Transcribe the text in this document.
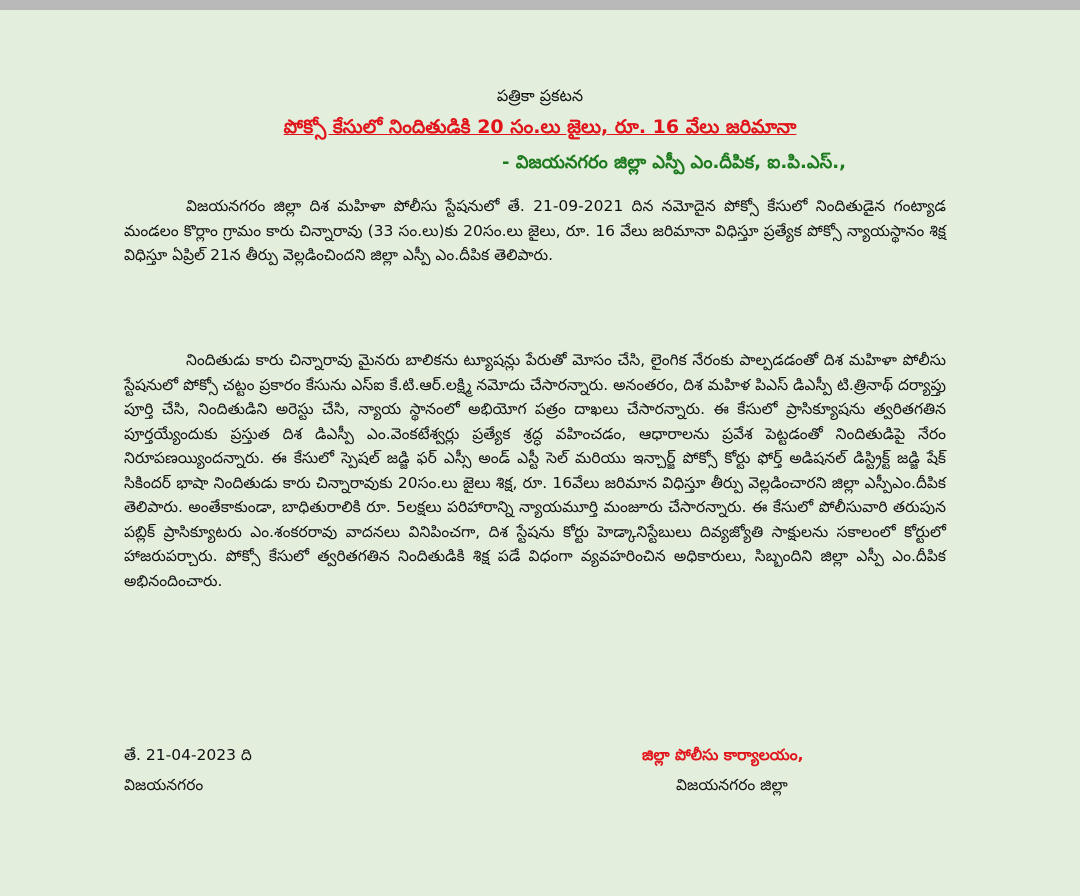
పత్రికా ప్రకటన
పోక్సో కేసులో నిందితుడికి 20 సం.లు జైలు, రూ. 16 వేలు జరిమానా
- విజయనగరం జిల్లా ఎస్పీ ఎం.దీపిక, ఐ.పి.ఎస్.,

విజయనగరం జిల్లా దిశ మహిళా పోలీసు స్టేషనులో తే. 21-09-2021 దిన నమోదైన పోక్సో కేసులో నిందితుడైన గంట్యాడ మండలం కొర్లాం గ్రామం కారు చిన్నారావు (33 సం.లు)కు 20సం.లు జైలు, రూ. 16 వేలు జరిమానా విధిస్తూ ప్రత్యేక పోక్సో న్యాయస్థానం శిక్ష విధిస్తూ ఏప్రిల్ 21న తీర్పు వెల్లడించిందని జిల్లా ఎస్పీ ఎం.దీపిక తెలిపారు.

నిందితుడు కారు చిన్నారావు మైనరు బాలికను ట్యూషన్లు పేరుతో మోసం చేసి, లైంగిక నేరంకు పాల్పడడంతో దిశ మహిళా పోలీసు స్టేషనులో పోక్సో చట్టం ప్రకారం కేసును ఎస్ఐ కే.టి.ఆర్.లక్ష్మి నమోదు చేసారన్నారు. అనంతరం, దిశ మహిళ పిఎస్ డిఎస్పీ టి.త్రినాథ్ దర్యాప్తు పూర్తి చేసి, నిందితుడిని అరెస్టు చేసి, న్యాయ స్థానంలో అభియోగ పత్రం దాఖలు చేసారన్నారు. ఈ కేసులో ప్రాసిక్యూషను త్వరితగతిన పూర్తయ్యేందుకు ప్రస్తుత దిశ డిఎస్పీ ఎం.వెంకటేశ్వర్లు ప్రత్యేక శ్రద్ధ వహించడం, ఆధారాలను ప్రవేశ పెట్టడంతో నిందితుడిపై నేరం నిరూపణయ్యిందన్నారు. ఈ కేసులో స్పెషల్ జడ్జి ఫర్ ఎస్సీ అండ్ ఎస్టీ సెల్ మరియు ఇన్చార్జ్ పోక్సో కోర్టు ఫోర్త్ అడిషనల్ డిస్ట్రిక్ట్ జడ్జి షేక్ సికిందర్ భాషా నిందితుడు కారు చిన్నారావుకు 20సం.లు జైలు శిక్ష, రూ. 16వేలు జరిమాన విధిస్తూ తీర్పు వెల్లడించారని జిల్లా ఎస్పీఎం.దీపిక తెలిపారు. అంతేకాకుండా, బాధితురాలికి రూ. 5లక్షలు పరిహారాన్ని న్యాయమూర్తి మంజూరు చేసారన్నారు. ఈ కేసులో పోలీసువారి తరుపున పబ్లిక్ ప్రాసిక్యూటరు ఎం.శంకరరావు వాదనలు వినిపించగా, దిశ స్టేషను కోర్టు హెడ్కానిస్టేబులు దివ్యజ్యోతి సాక్షులను సకాలంలో కోర్టులో హాజరుపర్చారు. పోక్సో కేసులో త్వరితగతిన నిందితుడికి శిక్ష పడే విధంగా వ్యవహరించిన అధికారులు, సిబ్బందిని జిల్లా ఎస్పీ ఎం.దీపిక అభినందించారు.

తే. 21-04-2023 ది
విజయనగరం
జిల్లా పోలీసు కార్యాలయం,
విజయనగరం జిల్లా
